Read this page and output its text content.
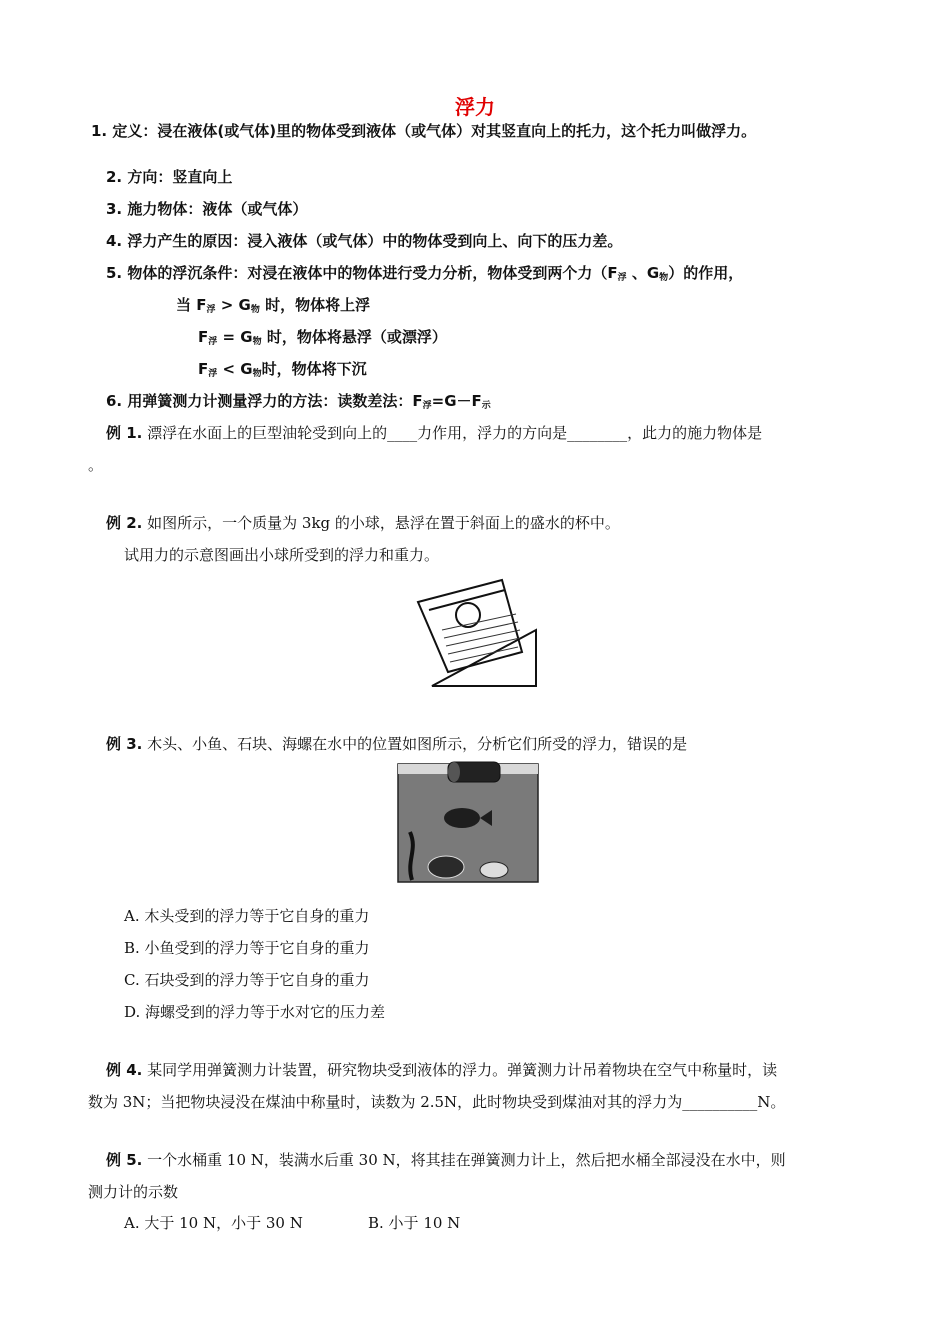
浮力
1. 定义：浸在液体(或气体)里的物体受到液体（或气体）对其竖直向上的托力，这个托力叫做浮力。
2. 方向：竖直向上
3. 施力物体：液体（或气体）
4. 浮力产生的原因：浸入液体（或气体）中的物体受到向上、向下的压力差。
5. 物体的浮沉条件：对浸在液体中的物体进行受力分析，物体受到两个力（$F_浮$ 、$G_物$）的作用，
当 $F_浮 > G_物$ 时，物体将上浮
$F_浮 = G_物$ 时，物体将悬浮（或漂浮）
$F_浮 < G_物$时，物体将下沉
6. 用弹簧测力计测量浮力的方法：读数差法：$F_浮=G-F_示$
例 1. 漂浮在水面上的巨型油轮受到向上的____力作用，浮力的方向是________，此力的施力物体是
。
例 2. 如图所示，一个质量为 3kg 的小球，悬浮在置于斜面上的盛水的杯中。
试用力的示意图画出小球所受到的浮力和重力。
例 3. 木头、小鱼、石块、海螺在水中的位置如图所示，分析它们所受的浮力，错误的是
A. 木头受到的浮力等于它自身的重力
B. 小鱼受到的浮力等于它自身的重力
C. 石块受到的浮力等于它自身的重力
D. 海螺受到的浮力等于水对它的压力差
例 4. 某同学用弹簧测力计装置，研究物块受到液体的浮力。弹簧测力计吊着物块在空气中称量时，读
数为 3N；当把物块浸没在煤油中称量时，读数为 2.5N，此时物块受到煤油对其的浮力为__________N。
例 5. 一个水桶重 10 N，装满水后重 30 N，将其挂在弹簧测力计上，然后把水桶全部浸没在水中，则
测力计的示数
A. 大于 10 N，小于 30 N	B. 小于 10 N
